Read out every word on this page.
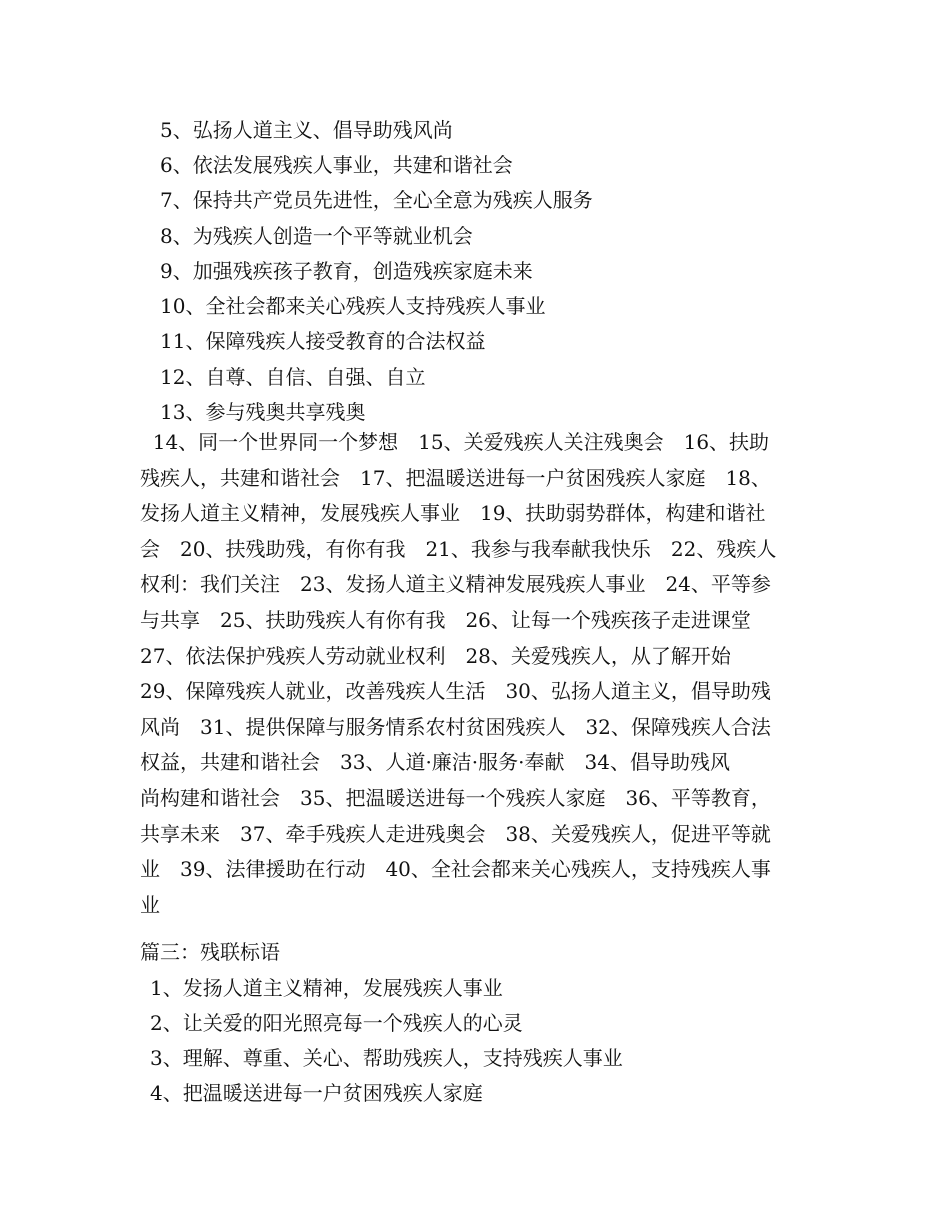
5、弘扬人道主义、倡导助残风尚
6、依法发展残疾人事业，共建和谐社会
7、保持共产党员先进性，全心全意为残疾人服务
8、为残疾人创造一个平等就业机会
9、加强残疾孩子教育，创造残疾家庭未来
10、全社会都来关心残疾人支持残疾人事业
11、保障残疾人接受教育的合法权益
12、自尊、自信、自强、自立
13、参与残奥共享残奥
14、同一个世界同一个梦想　15、关爱残疾人关注残奥会　16、扶助
残疾人，共建和谐社会　17、把温暖送进每一户贫困残疾人家庭　18、
发扬人道主义精神，发展残疾人事业　19、扶助弱势群体，构建和谐社
会　20、扶残助残，有你有我　21、我参与我奉献我快乐　22、残疾人
权利：我们关注　23、发扬人道主义精神发展残疾人事业　24、平等参
与共享　25、扶助残疾人有你有我　26、让每一个残疾孩子走进课堂
27、依法保护残疾人劳动就业权利　28、关爱残疾人，从了解开始
29、保障残疾人就业，改善残疾人生活　30、弘扬人道主义，倡导助残
风尚　31、提供保障与服务情系农村贫困残疾人　32、保障残疾人合法
权益，共建和谐社会　33、人道·廉洁·服务·奉献　34、倡导助残风
尚构建和谐社会　35、把温暖送进每一个残疾人家庭　36、平等教育，
共享未来　37、牵手残疾人走进残奥会　38、关爱残疾人，促进平等就
业　39、法律援助在行动　40、全社会都来关心残疾人，支持残疾人事
业
篇三：残联标语
1、发扬人道主义精神，发展残疾人事业
2、让关爱的阳光照亮每一个残疾人的心灵
3、理解、尊重、关心、帮助残疾人，支持残疾人事业
4、把温暖送进每一户贫困残疾人家庭
